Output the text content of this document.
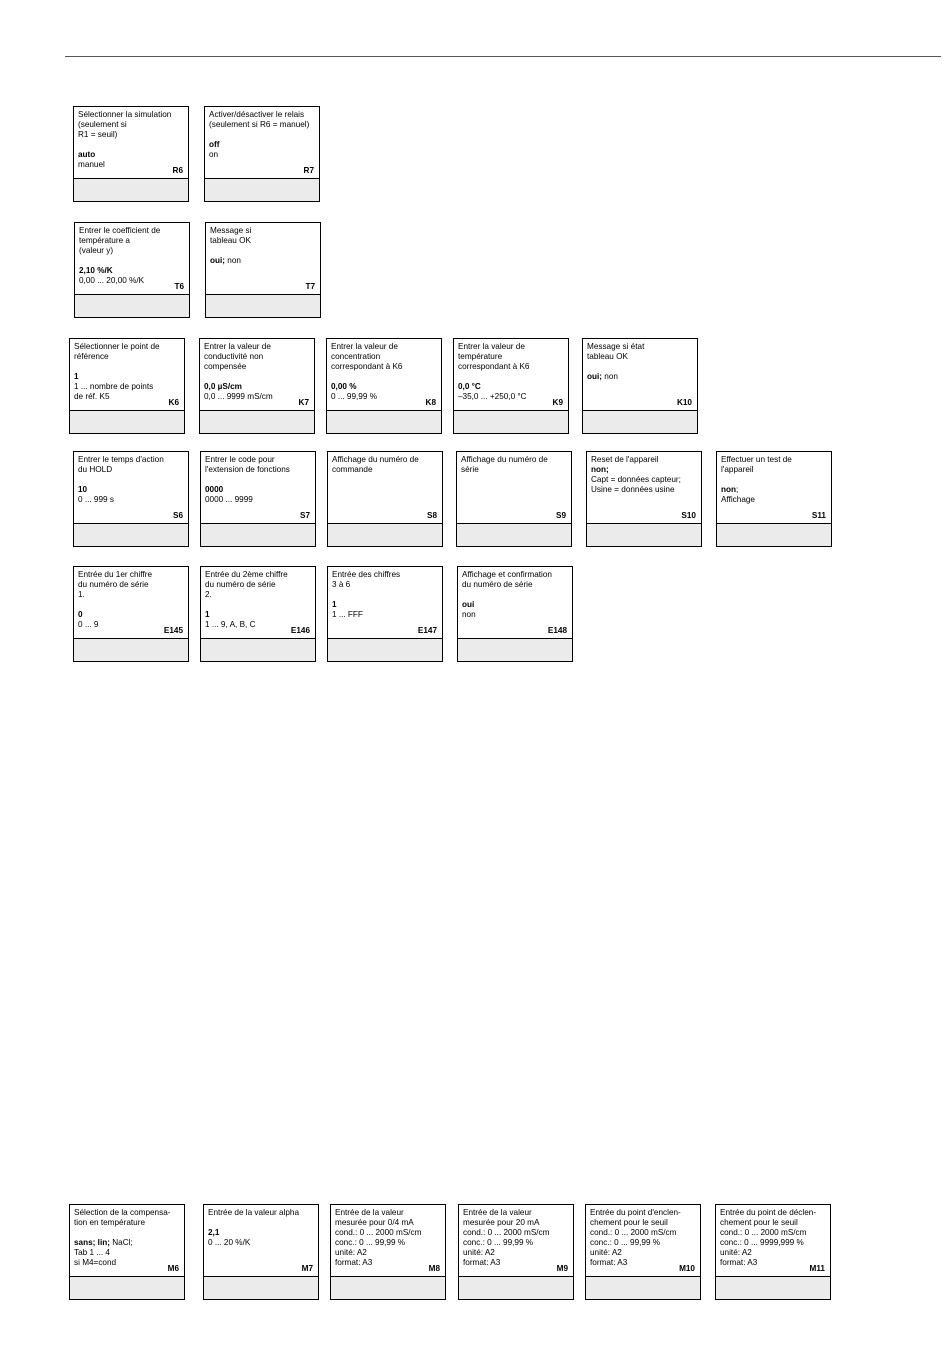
Sélectionner la simulation
(seulement si
R1 = seuil)
auto
manuel
R6
Activer/désactiver le relais
(seulement si R6 = manuel)
off
on
R7
Entrer le coefficient de
température a
(valeur y)
2,10 %/K
0,00 ... 20,00 %/K
T6
Message si
tableau OK
oui; non
T7
Sélectionner le point de
référence
1
1 ... nombre de points
de réf. K5
K6
Entrer la valeur de
conductivité non
compensée
0,0 µS/cm
0,0 ... 9999 mS/cm
K7
Entrer la valeur de
concentration
correspondant à K6
0,00 %
0 ... 99,99 %
K8
Entrer la valeur de
température
correspondant à K6
0,0 °C
–35,0 ... +250,0 °C
K9
Message si état
tableau OK
oui; non
K10
Entrer le temps d'action
du HOLD
10
0 ... 999 s
S6
Entrer le code pour
l'extension de fonctions
0000
0000 ... 9999
S7
Affichage du numéro de
commande
S8
Affichage du numéro de
série
S9
Reset de l'appareil
non;
Capt = données capteur;
Usine = données usine
S10
Effectuer un test de
l'appareil
non;
Affichage
S11
Entrée du 1er chiffre
du numéro de série
1.
0
0 ... 9
E145
Entrée du 2ème chiffre
du numéro de série
2.
1
1 ... 9, A, B, C
E146
Entrée des chiffres
3 à 6
1
1 ... FFF
E147
Affichage et confirmation
du numéro de série
oui
non
E148
Sélection de la compensa-
tion en température
sans; lin; NaCl;
Tab 1 ... 4
si M4=cond
M6
Entrée de la valeur alpha
2,1
0 ... 20 %/K
M7
Entrée de la valeur
mesurée pour 0/4 mA
cond.: 0 ... 2000 mS/cm
conc.: 0 ... 99,99 %
unité: A2
format: A3
M8
Entrée de la valeur
mesurée pour 20 mA
cond.: 0 ... 2000 mS/cm
conc.: 0 ... 99,99 %
unité: A2
format: A3
M9
Entrée du point d'enclen-
chement pour le seuil
cond.: 0 ... 2000 mS/cm
conc.: 0 ... 99,99 %
unité: A2
format: A3
M10
Entrée du point de déclen-
chement pour le seuil
cond.: 0 ... 2000 mS/cm
conc.: 0 ... 9999,999 %
unité: A2
format: A3
M11
